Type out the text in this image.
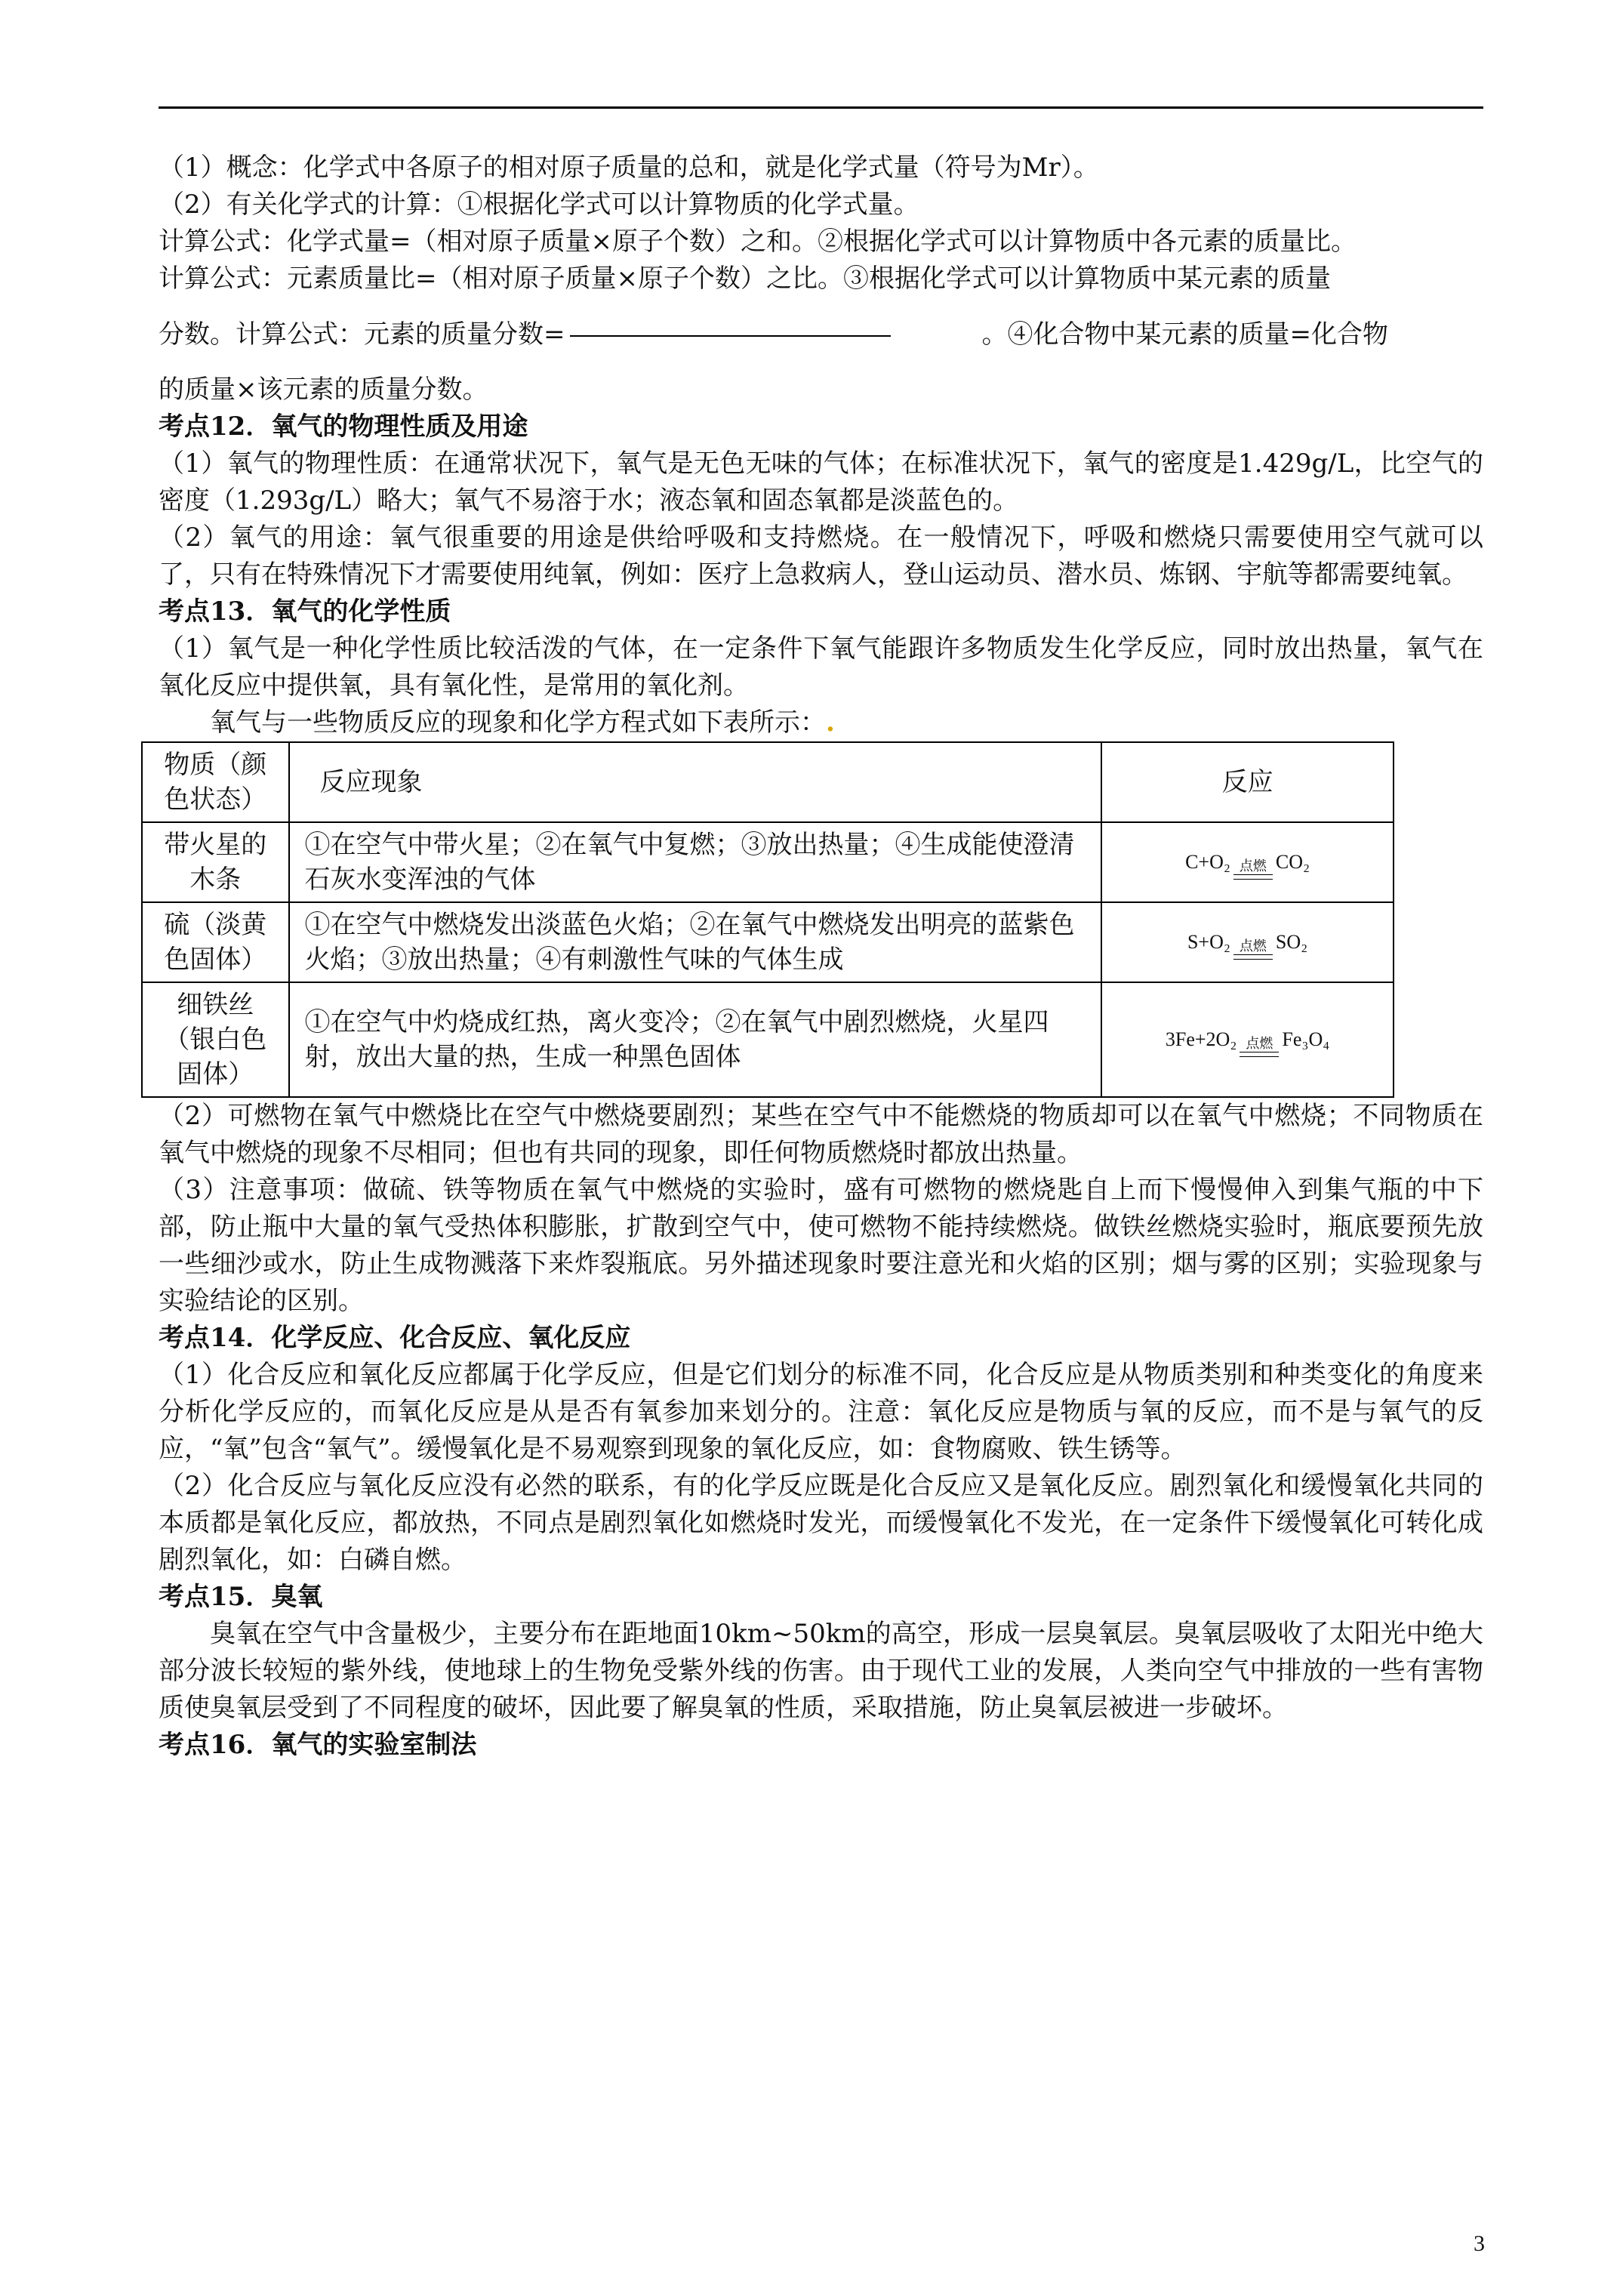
（1）概念：化学式中各原子的相对原子质量的总和，就是化学式量（符号为Mr）。

（2）有关化学式的计算：①根据化学式可以计算物质的化学式量。

计算公式：化学式量=（相对原子质量×原子个数）之和。②根据化学式可以计算物质中各元素的质量比。

计算公式：元素质量比=（相对原子质量×原子个数）之比。③根据化学式可以计算物质中某元素的质量

分数。计算公式：元素的质量分数=	。④化合物中某元素的质量=化合物

的质量×该元素的质量分数。

考点12．氧气的物理性质及用途

（1）氧气的物理性质：在通常状况下，氧气是无色无味的气体；在标准状况下，氧气的密度是1.429g/L，比空气的密度（1.293g/L）略大；氧气不易溶于水；液态氧和固态氧都是淡蓝色的。

（2）氧气的用途：氧气很重要的用途是供给呼吸和支持燃烧。在一般情况下，呼吸和燃烧只需要使用空气就可以了，只有在特殊情况下才需要使用纯氧，例如：医疗上急救病人，登山运动员、潜水员、炼钢、宇航等都需要纯氧。

考点13．氧气的化学性质

（1）氧气是一种化学性质比较活泼的气体，在一定条件下氧气能跟许多物质发生化学反应，同时放出热量，氧气在氧化反应中提供氧，具有氧化性，是常用的氧化剂。

氧气与一些物质反应的现象和化学方程式如下表所示：.

物质（颜色状态）	反应现象	反应
带火星的木条	①在空气中带火星；②在氧气中复燃；③放出热量；④生成能使澄清石灰水变浑浊的气体	C+O₂ 点燃 CO₂

硫（淡黄色固体）	①在空气中燃烧发出淡蓝色火焰；②在氧气中燃烧发出明亮的蓝紫色火焰；③放出热量；④有刺激性气味的气体生成	S+O₂ 点燃 SO₂

细铁丝（银白色固体）	①在空气中灼烧成红热，离火变冷；②在氧气中剧烈燃烧，火星四射，放出大量的热，生成一种黑色固体	3Fe+2O₂ 点燃 Fe₃O₄

（2）可燃物在氧气中燃烧比在空气中燃烧要剧烈；某些在空气中不能燃烧的物质却可以在氧气中燃烧；不同物质在氧气中燃烧的现象不尽相同；但也有共同的现象，即任何物质燃烧时都放出热量。

（3）注意事项：做硫、铁等物质在氧气中燃烧的实验时，盛有可燃物的燃烧匙自上而下慢慢伸入到集气瓶的中下部，防止瓶中大量的氧气受热体积膨胀，扩散到空气中，使可燃物不能持续燃烧。做铁丝燃烧实验时，瓶底要预先放一些细沙或水，防止生成物溅落下来炸裂瓶底。另外描述现象时要注意光和火焰的区别；烟与雾的区别；实验现象与实验结论的区别。

考点14．化学反应、化合反应、氧化反应

（1）化合反应和氧化反应都属于化学反应，但是它们划分的标准不同，化合反应是从物质类别和种类变化的角度来分析化学反应的，而氧化反应是从是否有氧参加来划分的。注意：氧化反应是物质与氧的反应，而不是与氧气的反应，“氧”包含“氧气”。缓慢氧化是不易观察到现象的氧化反应，如：食物腐败、铁生锈等。

（2）化合反应与氧化反应没有必然的联系，有的化学反应既是化合反应又是氧化反应。剧烈氧化和缓慢氧化共同的本质都是氧化反应，都放热，不同点是剧烈氧化如燃烧时发光，而缓慢氧化不发光，在一定条件下缓慢氧化可转化成剧烈氧化，如：白磷自燃。

考点15．臭氧

臭氧在空气中含量极少，主要分布在距地面10km~50km的高空，形成一层臭氧层。臭氧层吸收了太阳光中绝大部分波长较短的紫外线，使地球上的生物免受紫外线的伤害。由于现代工业的发展，人类向空气中排放的一些有害物质使臭氧层受到了不同程度的破坏，因此要了解臭氧的性质，采取措施，防止臭氧层被进一步破坏。

考点16．氧气的实验室制法

3
